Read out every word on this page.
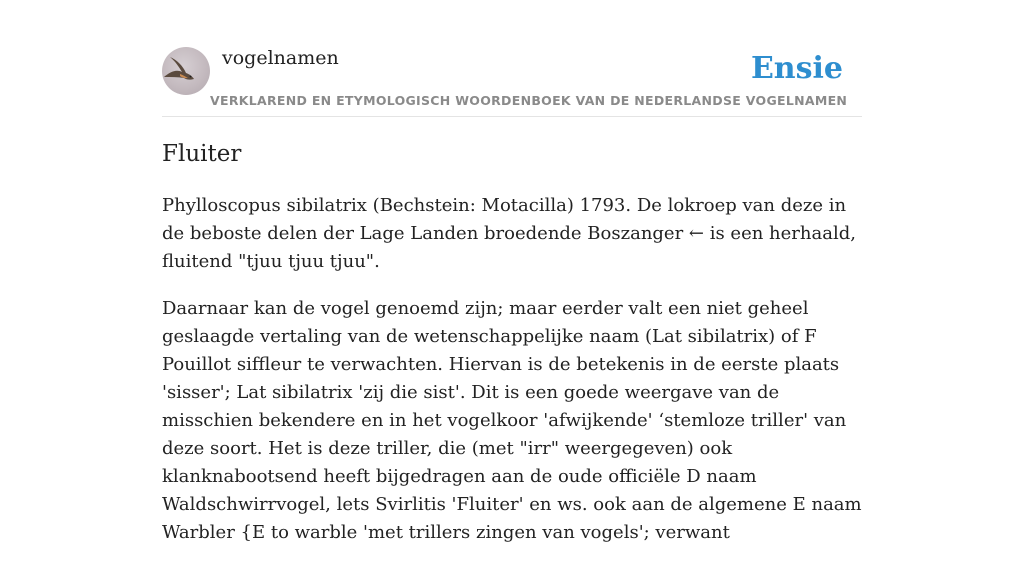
vogelnamen	Ensie
VERKLAREND EN ETYMOLOGISCH WOORDENBOEK VAN DE NEDERLANDSE VOGELNAMEN
Fluiter

Phylloscopus sibilatrix (Bechstein: Motacilla) 1793. De lokroep van deze in de beboste delen der Lage Landen broedende Boszanger ← is een herhaald, fluitend "tjuu tjuu tjuu".

Daarnaar kan de vogel genoemd zijn; maar eerder valt een niet geheel geslaagde vertaling van de wetenschappelijke naam (Lat sibilatrix) of F Pouillot siffleur te verwachten. Hiervan is de betekenis in de eerste plaats 'sisser'; Lat sibilatrix 'zij die sist'. Dit is een goede weergave van de misschien bekendere en in het vogelkoor 'afwijkende' ‘stemloze triller' van deze soort. Het is deze triller, die (met "irr" weergegeven) ook klanknabootsend heeft bijgedragen aan de oude officiële D naam Waldschwirrvogel, lets Svirlitis 'Fluiter' en ws. ook aan de algemene E naam Warbler {E to warble 'met trillers zingen van vogels'; verwant
